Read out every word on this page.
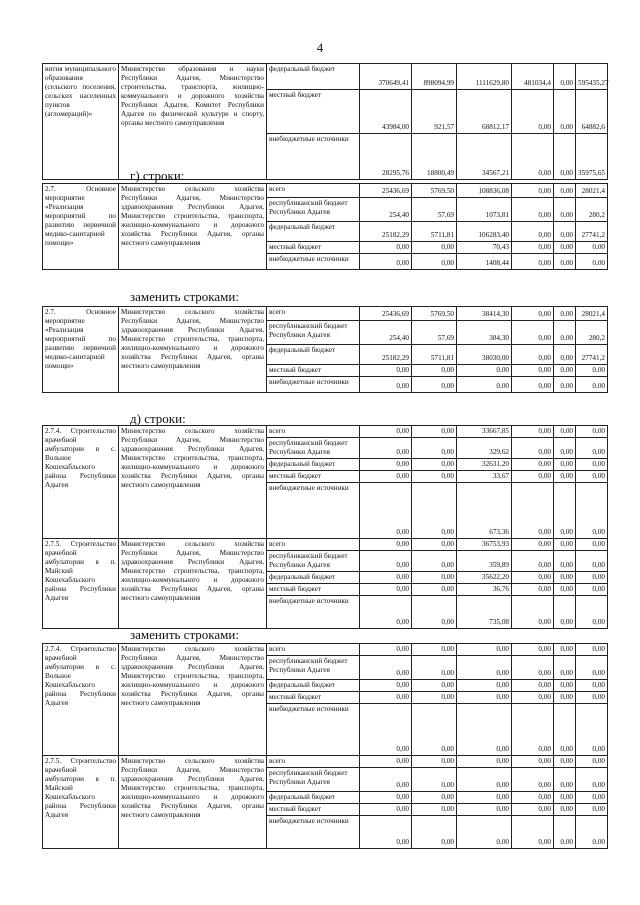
4
вития муниципального образования (сельского поселения, сельских населенных пунктов (агломераций)»	Министерство образования и науки Республики Адыгея, Министерство строительства, транспорта, жилищно-коммунального и дорожного хозяйства Республики Адыгея, Комитет Республики Адыгея по физической культуре и спорту, органы местного самоуправления	федеральный бюджет	370649,41	898094,99	1111629,80	481034,4	0,00	595435,27
		местный бюджет	43984,00	921,57	68812,17	0,00	0,00	64882,6
		внебюджетные источники	28295,76	18800,49	34567,21	0,00	0,00	35975,65
г) строки:
2.7. Основное мероприятие «Реализация мероприятий по развитию первичной медико-санитарной помощи»	Министерство сельского хозяйства Республики Адыгея, Министерство здравоохранения Республики Адыгея, Министерство строительства, транспорта, жилищно-коммунального и дорожного хозяйства Республики Адыгея, органы местного самоуправления	всего	25436,69	5769,50	108836,08	0,00	0,00	28021,4
		республиканский бюджет Республики Адыгея	254,40	57,69	1073,81	0,00	0,00	280,2
		федеральный бюджет	25182,29	5711,81	106283,40	0,00	0,00	27741,2
		местный бюджет	0,00	0,00	70,43	0,00	0,00	0,00
		внебюджетные источники	0,00	0,00	1408,44	0,00	0,00	0,00
заменить строками:
2.7. Основное мероприятие «Реализация мероприятий по развитию первичной медико-санитарной помощи»	Министерство сельского хозяйства Республики Адыгея, Министерство здравоохранения Республики Адыгея, Министерство строительства, транспорта, жилищно-коммунального и дорожного хозяйства Республики Адыгея, органы местного самоуправления	всего	25436,69	5769,50	38414,30	0,00	0,00	28021,4
		республиканский бюджет Республики Адыгея	254,40	57,69	384,30	0,00	0,00	280,2
		федеральный бюджет	25182,29	5711,81	38030,00	0,00	0,00	27741,2
		местный бюджет	0,00	0,00	0,00	0,00	0,00	0,00
		внебюджетные источники	0,00	0,00	0,00	0,00	0,00	0,00
д) строки:
2.7.4. Строительство врачебной амбулатории в с. Вольное Кошехабльского района Республики Адыгея	Министерство сельского хозяйства Республики Адыгея, Министерство здравоохранения Республики Адыгея, Министерство строительства, транспорта, жилищно-коммунального и дорожного хозяйства Республики Адыгея, органы местного самоуправления	всего	0,00	0,00	33667,85	0,00	0,00	0,00
		республиканский бюджет Республики Адыгея	0,00	0,00	329,62	0,00	0,00	0,00
		федеральный бюджет	0,00	0,00	32631,20	0,00	0,00	0,00
		местный бюджет	0,00	0,00	33,67	0,00	0,00	0,00
		внебюджетные источники	0,00	0,00	673,36	0,00	0,00	0,00
2.7.5. Строительство врачебной амбулатории в п. Майский Кошехабльского района Республики Адыгея	Министерство сельского хозяйства Республики Адыгея, Министерство здравоохранения Республики Адыгея, Министерство строительства, транспорта, жилищно-коммунального и дорожного хозяйства Республики Адыгея, органы местного самоуправления	всего	0,00	0,00	36753,93	0,00	0,00	0,00
		республиканский бюджет Республики Адыгея	0,00	0,00	359,89	0,00	0,00	0,00
		федеральный бюджет	0,00	0,00	35622,20	0,00	0,00	0,00
		местный бюджет	0,00	0,00	36,76	0,00	0,00	0,00
		внебюджетные источники	0,00	0,00	735,08	0,00	0,00	0,00
заменить строками:
2.7.4. Строительство врачебной амбулатории в с. Вольное Кошехабльского района Республики Адыгея	Министерство сельского хозяйства Республики Адыгея, Министерство здравоохранения Республики Адыгея, Министерство строительства, транспорта, жилищно-коммунального и дорожного хозяйства Республики Адыгея, органы местного самоуправления	всего	0,00	0,00	0,00	0,00	0,00	0,00
		республиканский бюджет Республики Адыгея	0,00	0,00	0,00	0,00	0,00	0,00
		федеральный бюджет	0,00	0,00	0,00	0,00	0,00	0,00
		местный бюджет	0,00	0,00	0,00	0,00	0,00	0,00
		внебюджетные источники	0,00	0,00	0,00	0,00	0,00	0,00
2.7.5. Строительство врачебной амбулатории в п. Майский Кошехабльского района Республики Адыгея	Министерство сельского хозяйства Республики Адыгея, Министерство здравоохранения Республики Адыгея, Министерство строительства, транспорта, жилищно-коммунального и дорожного хозяйства Республики Адыгея, органы местного самоуправления	всего	0,00	0,00	0,00	0,00	0,00	0,00
		республиканский бюджет Республики Адыгея	0,00	0,00	0,00	0,00	0,00	0,00
		федеральный бюджет	0,00	0,00	0,00	0,00	0,00	0,00
		местный бюджет	0,00	0,00	0,00	0,00	0,00	0,00
		внебюджетные источники	0,00	0,00	0,00	0,00	0,00	0,00
